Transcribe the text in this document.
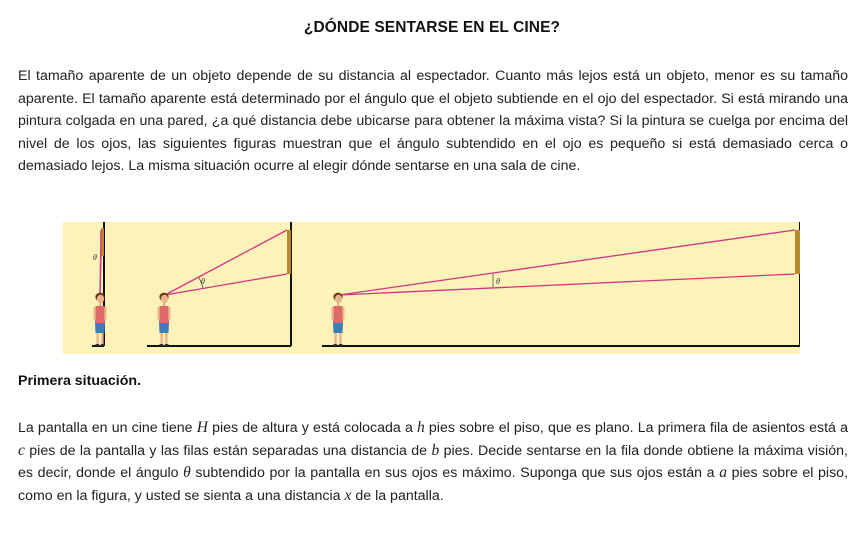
¿DÓNDE SENTARSE EN EL CINE?
El tamaño aparente de un objeto depende de su distancia al espectador. Cuanto más lejos está un objeto, menor es su tamaño aparente. El tamaño aparente está determinado por el ángulo que el objeto subtiende en el ojo del espectador. Si está mirando una pintura colgada en una pared, ¿a qué distancia debe ubicarse para obtener la máxima vista? Si la pintura se cuelga por encima del nivel de los ojos, las siguientes figuras muestran que el ángulo subtendido en el ojo es pequeño si está demasiado cerca o demasiado lejos. La misma situación ocurre al elegir dónde sentarse en una sala de cine.
θ
θ	θ
Primera situación.
La pantalla en un cine tiene H pies de altura y está colocada a h pies sobre el piso, que es plano. La primera fila de asientos está a c pies de la pantalla y las filas están separadas una distancia de b pies. Decide sentarse en la fila donde obtiene la máxima visión, es decir, donde el ángulo θ subtendido por la pantalla en sus ojos es máximo. Suponga que sus ojos están a a pies sobre el piso, como en la figura, y usted se sienta a una distancia x de la pantalla.
